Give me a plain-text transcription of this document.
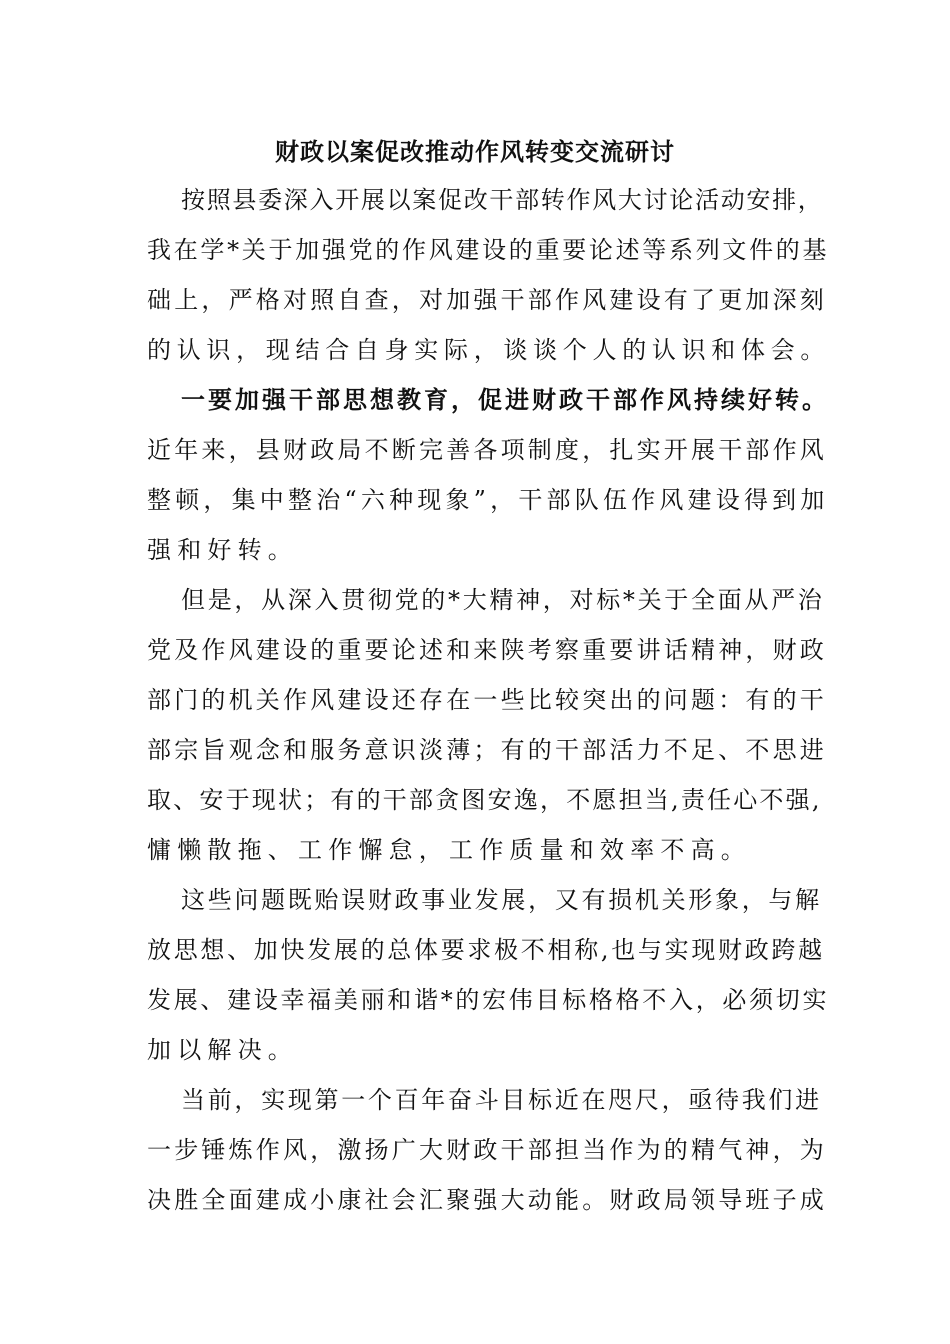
财政以案促改推动作风转变交流研讨
按照县委深入开展以案促改干部转作风大讨论活动安排，
我在学*关于加强党的作风建设的重要论述等系列文件的基
础上，严格对照自查，对加强干部作风建设有了更加深刻
的认识，现结合自身实际，谈谈个人的认识和体会。
一要加强干部思想教育，促进财政干部作风持续好转。
近年来，县财政局不断完善各项制度，扎实开展干部作风
整顿，集中整治“六种现象”，干部队伍作风建设得到加
强和好转。
但是，从深入贯彻党的*大精神，对标*关于全面从严治
党及作风建设的重要论述和来陕考察重要讲话精神，财政
部门的机关作风建设还存在一些比较突出的问题：有的干
部宗旨观念和服务意识淡薄；有的干部活力不足、不思进
取、安于现状；有的干部贪图安逸，不愿担当,责任心不强,
慵懒散拖、工作懈怠，工作质量和效率不高。
这些问题既贻误财政事业发展，又有损机关形象，与解
放思想、加快发展的总体要求极不相称,也与实现财政跨越
发展、建设幸福美丽和谐*的宏伟目标格格不入，必须切实
加以解决。
当前，实现第一个百年奋斗目标近在咫尺，亟待我们进
一步锤炼作风，激扬广大财政干部担当作为的精气神，为
决胜全面建成小康社会汇聚强大动能。财政局领导班子成
